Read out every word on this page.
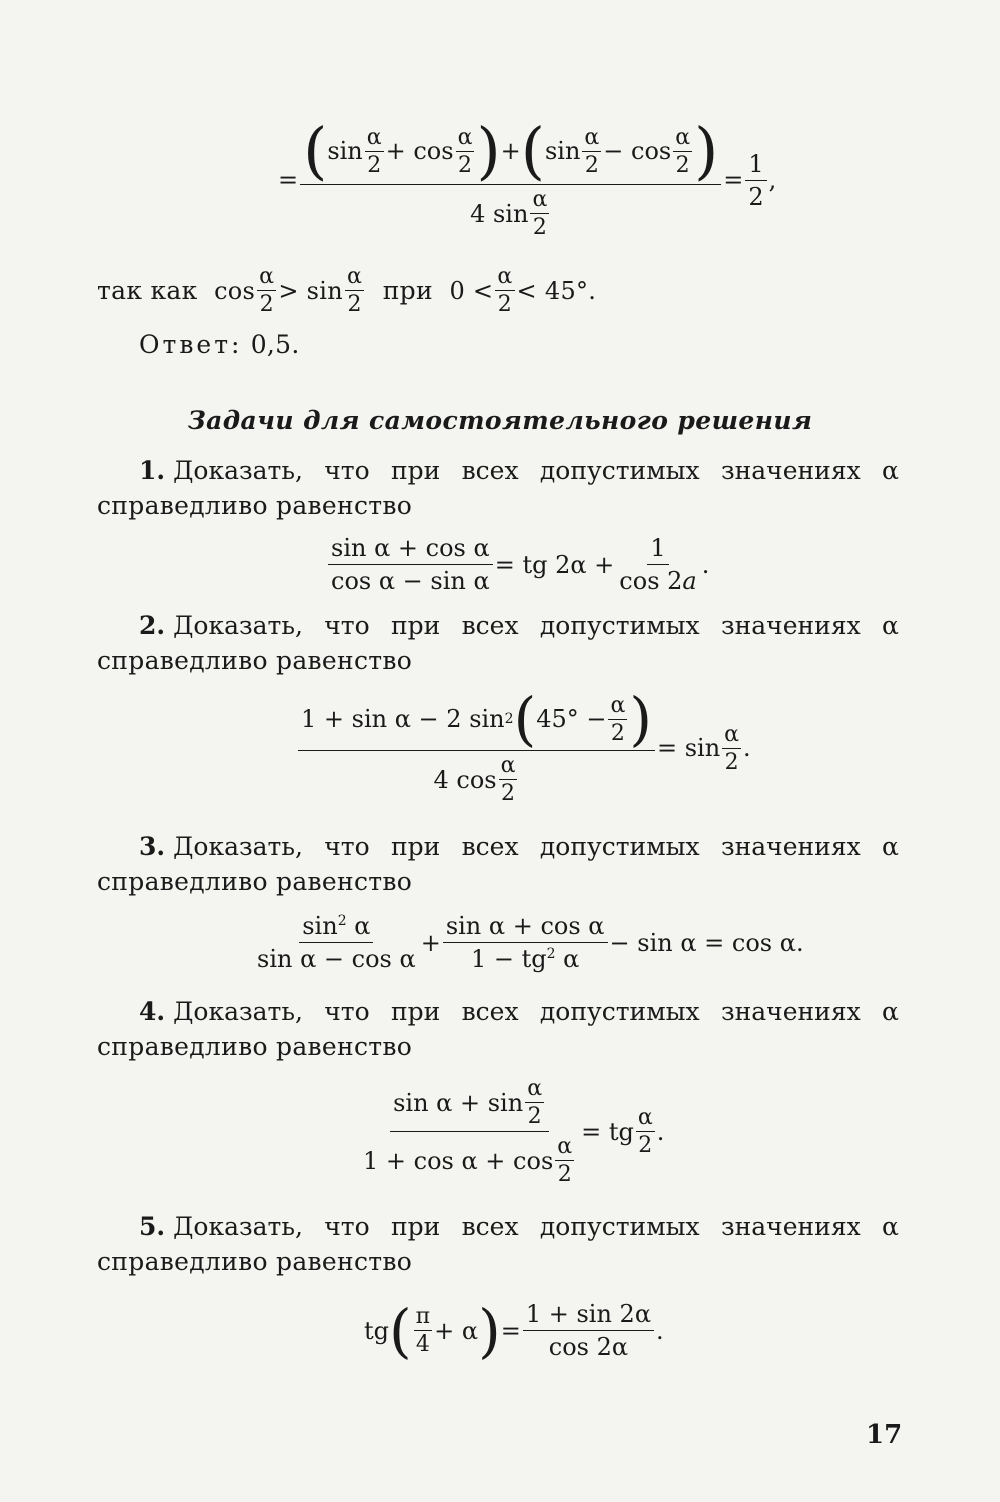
= $\frac{( \sin \frac{\alpha}{2} + \cos \frac{\alpha}{2} ) + ( \sin \frac{\alpha}{2} - \cos \frac{\alpha}{2} )}{4 \sin \frac{\alpha}{2}} = \frac{1}{2}$ ,
так как
$\cos \frac{\alpha}{2} > \sin \frac{\alpha}{2}$
при
$0 < \frac{\alpha}{2} < 45^\circ$.
Ответ: 0,5.
Задачи для самостоятельного решения
1. Доказать, что при всех допустимых значениях α
справедливо равенство
$\frac{\text{sin α + cos α}}{\text{cos α − sin α}}$ = tg $2\alpha + \frac{1}{\cos 2a}$ .
2. Доказать, что при всех допустимых значениях α
справедливо равенство
$\frac{1 + \sin \alpha - 2 \sin 2 ( 45^\circ - \frac{\alpha}{2} )}{4 \cos \frac{\alpha}{2}} = \sin \frac{\alpha}{2}$ .
3. Доказать, что при всех допустимых значениях α
справедливо равенство
$\frac{\sin^2 \alpha}{\text{sin α − cos α}} + \frac{\text{sin α + cos α}}{1 - tg^2 \alpha} - \sin \alpha = \cos \alpha$.
4. Доказать, что при всех допустимых значениях α
справедливо равенство
$\frac{\sin \alpha + \sin \frac{\alpha}{2}}{1 + \cos \alpha + \cos \frac{\alpha}{2}}$ = tg $\frac{\alpha}{2}$ .
5. Доказать, что при всех допустимых значениях α
справедливо равенство
tg ( $\frac{\pi}{4} + \alpha$ ) = $\frac{1 + \sin 2\alpha}{\cos 2\alpha}$ .
17
